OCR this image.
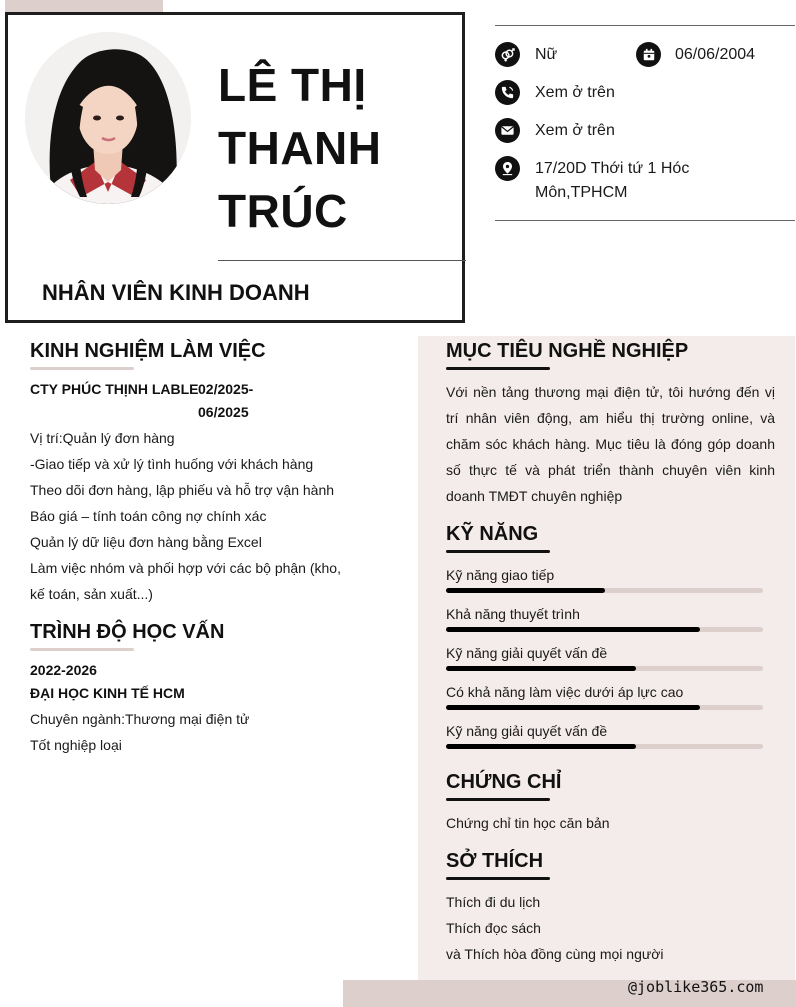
LÊ THỊ
THANH
TRÚC
NHÂN VIÊN KINH DOANH
Nữ	06/06/2004
Xem ở trên
Xem ở trên
17/20D Thới tứ 1 Hóc
Môn,TPHCM
KINH NGHIỆM LÀM VIỆC
CTY PHÚC THỊNH LABLE 02/2025-
06/2025
Vị trí:Quản lý đơn hàng
-Giao tiếp và xử lý tình huống với khách hàng
Theo dõi đơn hàng, lập phiếu và hỗ trợ vận hành
Báo giá – tính toán công nợ chính xác
Quản lý dữ liệu đơn hàng bằng Excel
Làm việc nhóm và phối hợp với các bộ phận (kho,
kế toán, sản xuất...)
TRÌNH ĐỘ HỌC VẤN
2022-2026
ĐẠI HỌC KINH TẾ HCM
Chuyên ngành:Thương mại điện tử
Tốt nghiệp loại
MỤC TIÊU NGHỀ NGHIỆP
Với nền tảng thương mại điện tử, tôi hướng đến vị trí nhân viên động, am hiểu thị trường online, và chăm sóc khách hàng. Mục tiêu là đóng góp doanh số thực tế và phát triển thành chuyên viên kinh doanh TMĐT chuyên nghiệp
KỸ NĂNG
Kỹ năng giao tiếp
Khả năng thuyết trình
Kỹ năng giải quyết vấn đề
Có khả năng làm việc dưới áp lực cao
Kỹ năng giải quyết vấn đề
CHỨNG CHỈ
Chứng chỉ tin học căn bản
SỞ THÍCH
Thích đi du lịch
Thích đọc sách
và Thích hòa đồng cùng mọi người
@joblike365.com
